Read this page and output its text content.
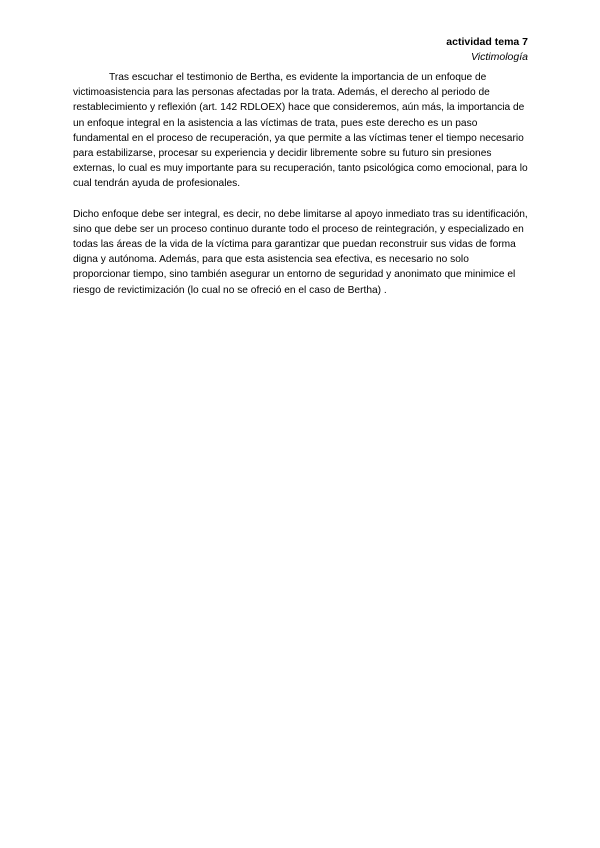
actividad tema 7
Victimología

Tras escuchar el testimonio de Bertha, es evidente la importancia de un enfoque de victimoasistencia para las personas afectadas por la trata. Además, el derecho al periodo de restablecimiento y reflexión (art. 142 RDLOEX) hace que consideremos, aún más, la importancia de un enfoque integral en la asistencia a las víctimas de trata, pues este derecho es un paso fundamental en el proceso de recuperación, ya que permite a las víctimas tener el tiempo necesario para estabilizarse, procesar su experiencia y decidir libremente sobre su futuro sin presiones externas, lo cual es muy importante para su recuperación, tanto psicológica como emocional, para lo cual tendrán ayuda de profesionales.

Dicho enfoque debe ser integral, es decir, no debe limitarse al apoyo inmediato tras su identificación, sino que debe ser un proceso continuo durante todo el proceso de reintegración, y especializado en todas las áreas de la vida de la víctima para garantizar que puedan reconstruir sus vidas de forma digna y autónoma. Además, para que esta asistencia sea efectiva, es necesario no solo proporcionar tiempo, sino también asegurar un entorno de seguridad y anonimato que minimice el riesgo de revictimización (lo cual no se ofreció en el caso de Bertha) .
